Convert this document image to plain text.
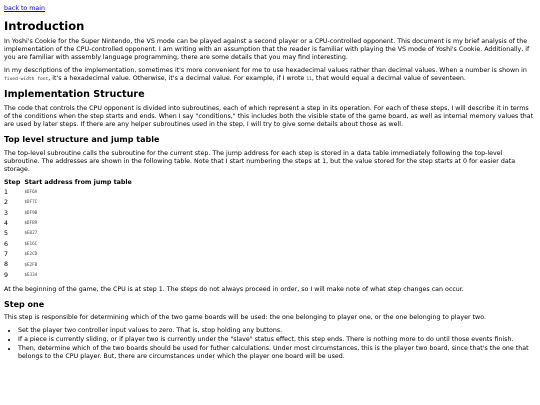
back to main
Introduction

In Yoshi's Cookie for the Super Nintendo, the VS mode can be played against a second player or a CPU-controlled opponent. This document is my brief analysis of the implementation of the CPU-controlled opponent. I am writing with an assumption that the reader is familiar with playing the VS mode of Yoshi's Cookie. Additionally, if you are familiar with assembly language programming, there are some details that you may find interesting.

In my descriptions of the implementation, sometimes it's more convenient for me to use hexadecimal values rather than decimal values. When a number is shown in fixed-width font, it's a hexadecimal value. Otherwise, it's a decimal value. For example, if I wrote 11, that would equal a decimal value of seventeen.

Implementation Structure

The code that controls the CPU opponent is divided into subroutines, each of which represent a step in its operation. For each of these steps, I will describe it in terms of the conditions when the step starts and ends. When I say "conditions," this includes both the visible state of the game board, as well as internal memory values that are used by later steps. If there are any helper subroutines used in the step, I will try to give some details about those as well.

Top level structure and jump table

The top-level subroutine calls the subroutine for the current step. The jump address for each step is stored in a data table immediately following the top-level subroutine. The addresses are shown in the following table. Note that I start numbering the steps at 1, but the value stored for the step starts at 0 for easier data storage.

Step	Start address from jump table
1	$DF6A
2	$DF7C
3	$DF9B
4	$DFB9
5	$E027
6	$E16C
7	$E2CD
8	$E2FB
9	$E334

At the beginning of the game, the CPU is at step 1. The steps do not always proceed in order, so I will make note of what step changes can occur.

Step one

This step is responsible for determining which of the two game boards will be used: the one belonging to player one, or the one belonging to player two.

• Set the player two controller input values to zero. That is, stop holding any buttons.
• If a piece is currently sliding, or if player two is currently under the "slave" status effect, this step ends. There is nothing more to do until those events finish.
• Then, determine which of the two boards should be used for futher calculations. Under most circumstances, this is the player two board, since that's the one that belongs to the CPU player. But, there are circumstances under which the player one board will be used.
